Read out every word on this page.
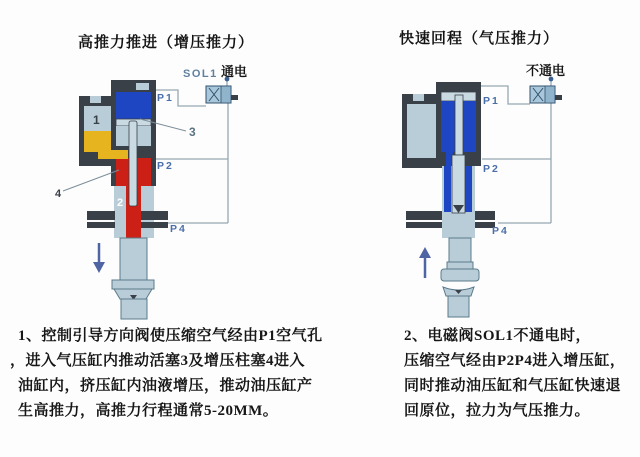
高推力推进（增压推力）	快速回程（气压推力）
1
2
3
4
P1
P2
P4
SOL1 通电
P1
P2
P4
不通电
1、控制引导方向阀使压缩空气经由P1空气孔
，进入气压缸内推动活塞3及增压柱塞4进入
油缸内，挤压缸内油液增压，推动油压缸产
生高推力，高推力行程通常5-20MM。
2、电磁阀SOL1不通电时，
压缩空气经由P2P4进入增压缸，
同时推动油压缸和气压缸快速退
回原位，拉力为气压推力。
